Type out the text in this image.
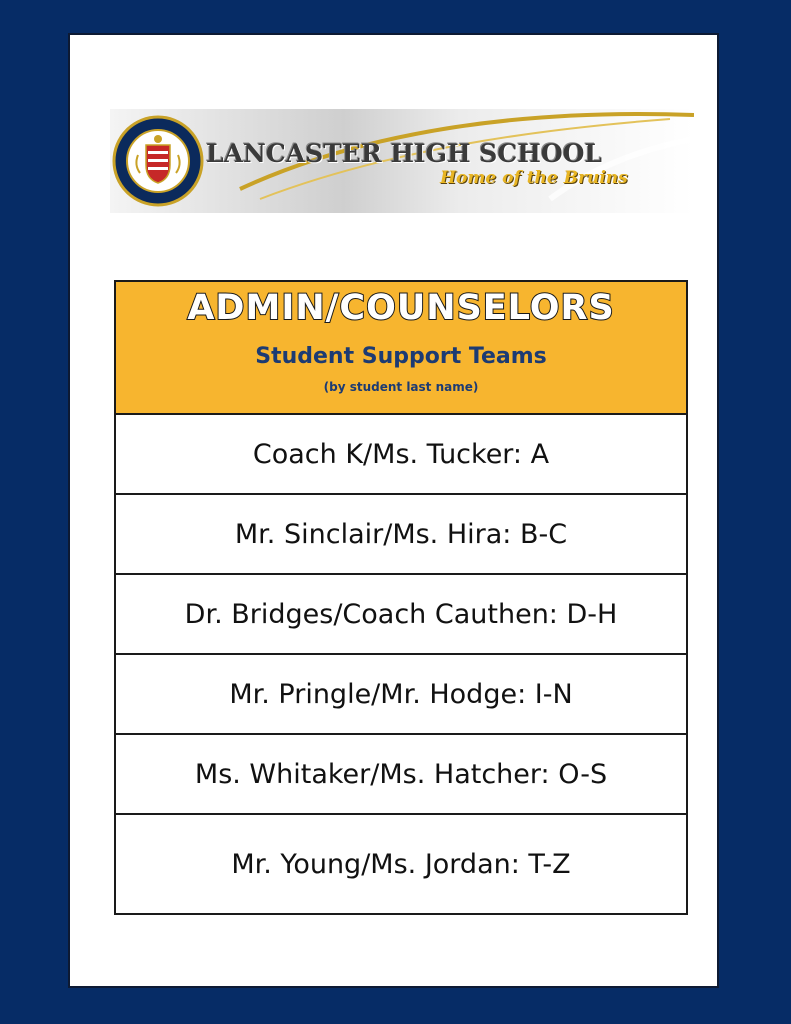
LANCASTER HIGH SCHOOL
Home of the Bruins
ADMIN/COUNSELORS
Student Support Teams
(by student last name)
Coach K/Ms. Tucker: A
Mr. Sinclair/Ms. Hira: B-C
Dr. Bridges/Coach Cauthen: D-H
Mr. Pringle/Mr. Hodge: I-N
Ms. Whitaker/Ms. Hatcher: O-S
Mr. Young/Ms. Jordan: T-Z
